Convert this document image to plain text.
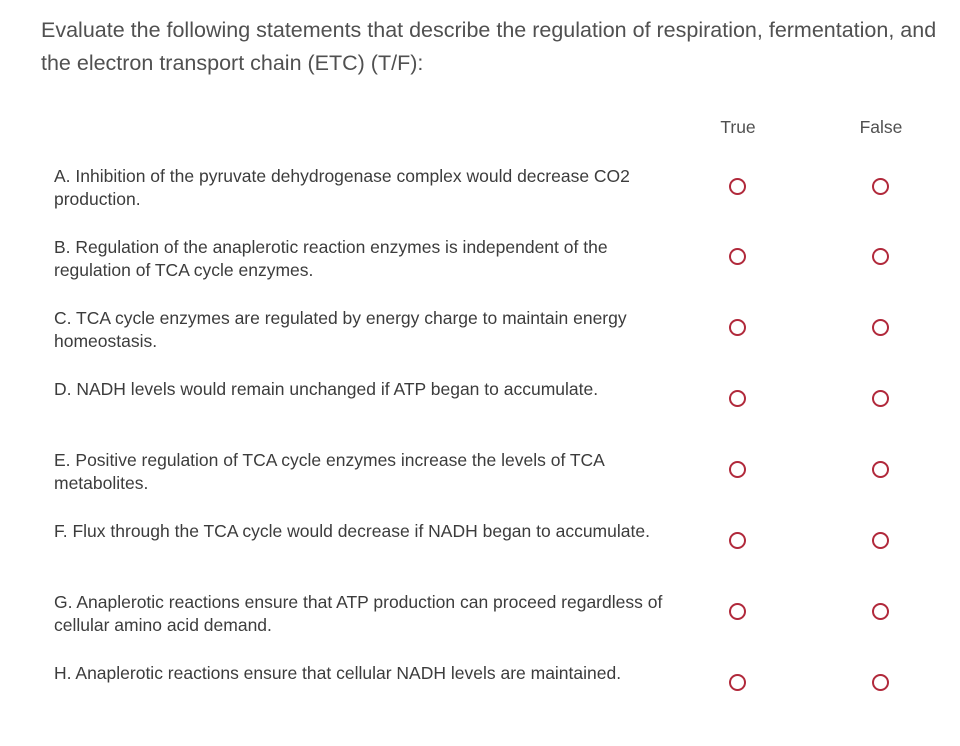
Evaluate the following statements that describe the regulation of respiration, fermentation, and the electron transport chain (ETC) (T/F):
True	False
A. Inhibition of the pyruvate dehydrogenase complex would decrease CO2 production.
B. Regulation of the anaplerotic reaction enzymes is independent of the regulation of TCA cycle enzymes.
C. TCA cycle enzymes are regulated by energy charge to maintain energy homeostasis.
D. NADH levels would remain unchanged if ATP began to accumulate.
E. Positive regulation of TCA cycle enzymes increase the levels of TCA metabolites.
F. Flux through the TCA cycle would decrease if NADH began to accumulate.
G. Anaplerotic reactions ensure that ATP production can proceed regardless of cellular amino acid demand.
H. Anaplerotic reactions ensure that cellular NADH levels are maintained.
